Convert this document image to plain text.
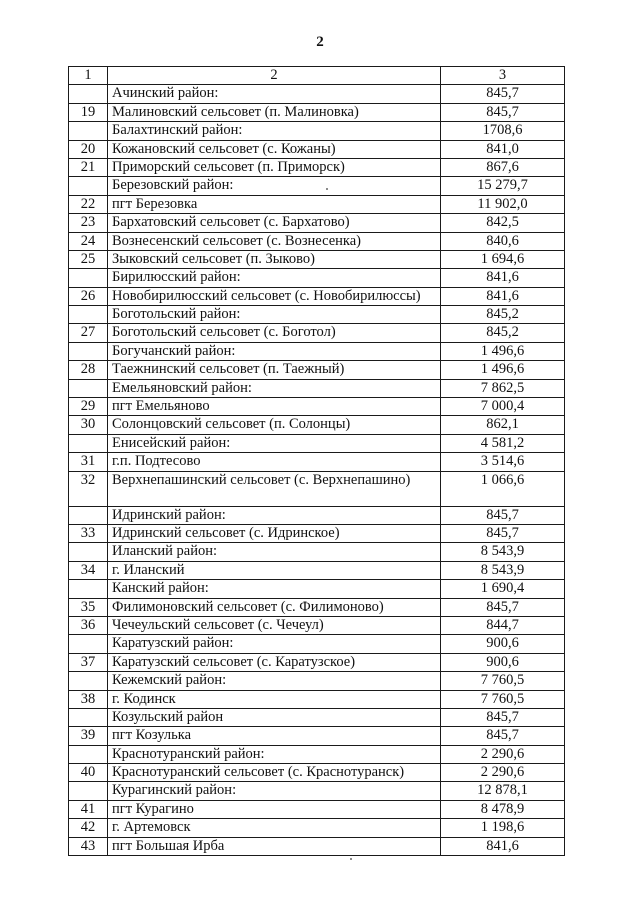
2
1	2	3
	Ачинский район:	845,7
19	Малиновский сельсовет (п. Малиновка)	845,7
	Балахтинский район:	1708,6
20	Кожановский сельсовет (с. Кожаны)	841,0
21	Приморский сельсовет (п. Приморск)	867,6
	Березовский район:	15 279,7
22	пгт Березовка	11 902,0
23	Бархатовский сельсовет (с. Бархатово)	842,5
24	Вознесенский сельсовет (с. Вознесенка)	840,6
25	Зыковский сельсовет (п. Зыково)	1 694,6
	Бирилюсский район:	841,6
26	Новобирилюсский сельсовет (с. Новобирилюссы)	841,6
	Боготольский район:	845,2
27	Боготольский сельсовет (с. Боготол)	845,2
	Богучанский район:	1 496,6
28	Таежнинский сельсовет (п. Таежный)	1 496,6
	Емельяновский район:	7 862,5
29	пгт Емельяново	7 000,4
30	Солонцовский сельсовет (п. Солонцы)	862,1
	Енисейский район:	4 581,2
31	г.п. Подтесово	3 514,6
32	Верхнепашинский сельсовет (с. Верхнепашино)	1 066,6
	Идринский район:	845,7
33	Идринский сельсовет (с. Идринское)	845,7
	Иланский район:	8 543,9
34	г. Иланский	8 543,9
	Канский район:	1 690,4
35	Филимоновский сельсовет (с. Филимоново)	845,7
36	Чечеульский сельсовет (с. Чечеул)	844,7
	Каратузский район:	900,6
37	Каратузский сельсовет (с. Каратузское)	900,6
	Кежемский район:	7 760,5
38	г. Кодинск	7 760,5
	Козульский район	845,7
39	пгт Козулька	845,7
	Краснотуранский район:	2 290,6
40	Краснотуранский сельсовет (с. Краснотуранск)	2 290,6
	Курагинский район:	12 878,1
41	пгт Курагино	8 478,9
42	г. Артемовск	1 198,6
43	пгт Большая Ирба	841,6
